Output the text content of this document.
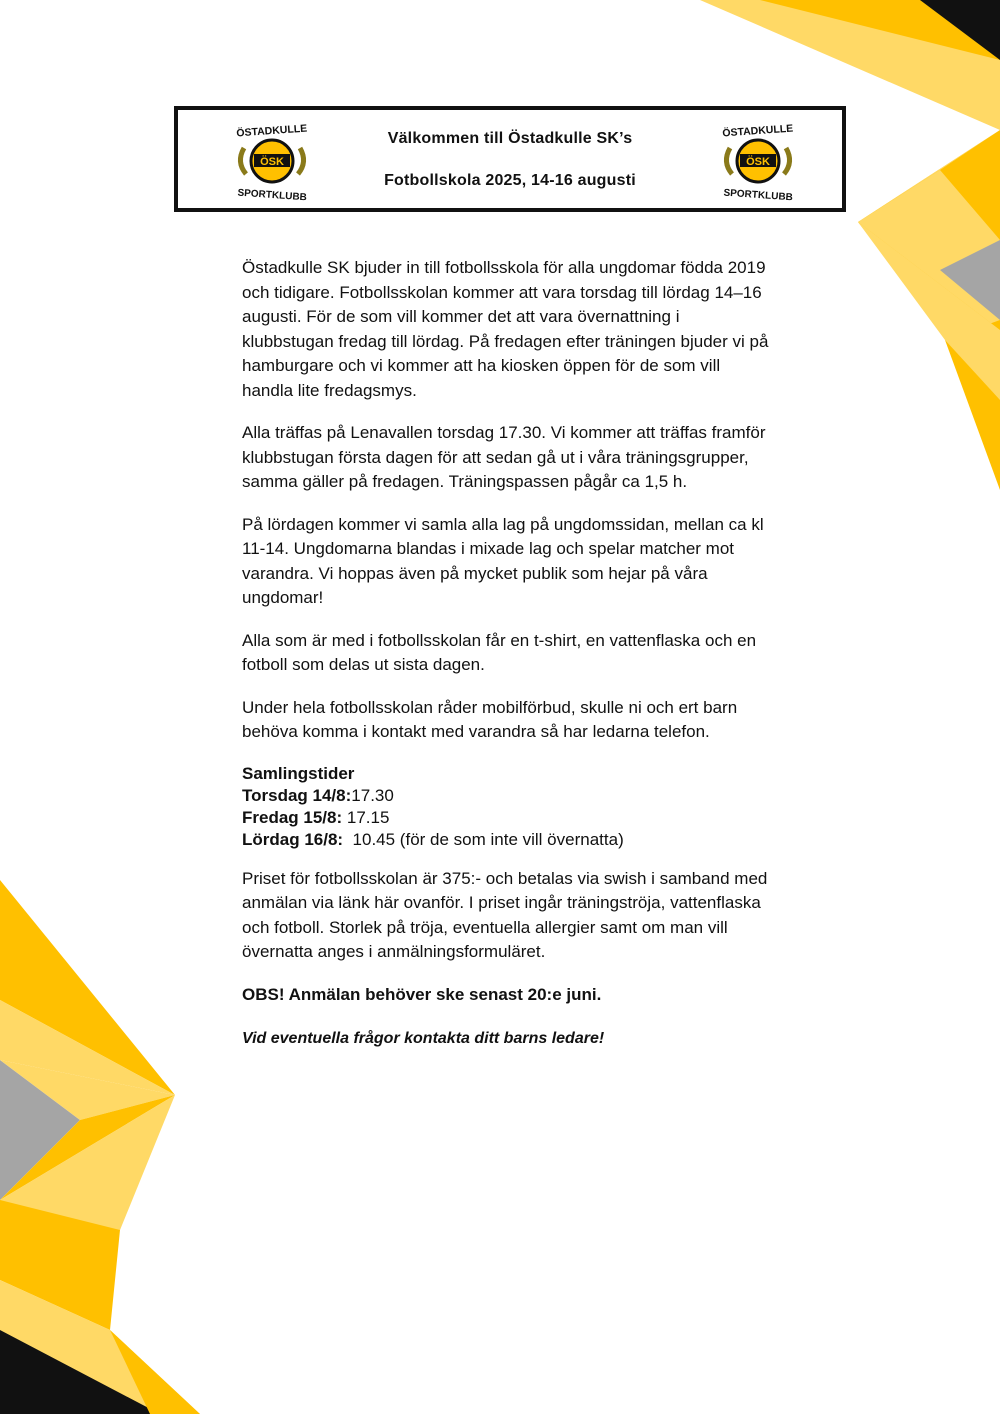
ÖSK
ÖSTADKULLE
SPORTKLUBB
Välkommen till Östadkulle SK’s
Fotbollskola 2025, 14-16 augusti
ÖSK
ÖSTADKULLE
SPORTKLUBB

Östadkulle SK bjuder in till fotbollsskola för alla ungdomar födda 2019 och tidigare. Fotbollsskolan kommer att vara torsdag till lördag 14–16 augusti. För de som vill kommer det att vara övernattning i klubbstugan fredag till lördag. På fredagen efter träningen bjuder vi på hamburgare och vi kommer att ha kiosken öppen för de som vill handla lite fredagsmys.

Alla träffas på Lenavallen torsdag 17.30. Vi kommer att träffas framför klubbstugan första dagen för att sedan gå ut i våra träningsgrupper, samma gäller på fredagen. Träningspassen pågår ca 1,5 h.

På lördagen kommer vi samla alla lag på ungdomssidan, mellan ca kl 11-14. Ungdomarna blandas i mixade lag och spelar matcher mot varandra. Vi hoppas även på mycket publik som hejar på våra ungdomar!

Alla som är med i fotbollsskolan får en t-shirt, en vattenflaska och en fotboll som delas ut sista dagen.

Under hela fotbollsskolan råder mobilförbud, skulle ni och ert barn behöva komma i kontakt med varandra så har ledarna telefon.

Samlingstider
Torsdag 14/8:17.30
Fredag 15/8: 17.15
Lördag 16/8:  10.45 (för de som inte vill övernatta)

Priset för fotbollsskolan är 375:- och betalas via swish i samband med anmälan via länk här ovanför. I priset ingår träningströja, vattenflaska och fotboll. Storlek på tröja, eventuella allergier samt om man vill övernatta anges i anmälningsformuläret.

OBS! Anmälan behöver ske senast 20:e juni.
Vid eventuella frågor kontakta ditt barns ledare!
